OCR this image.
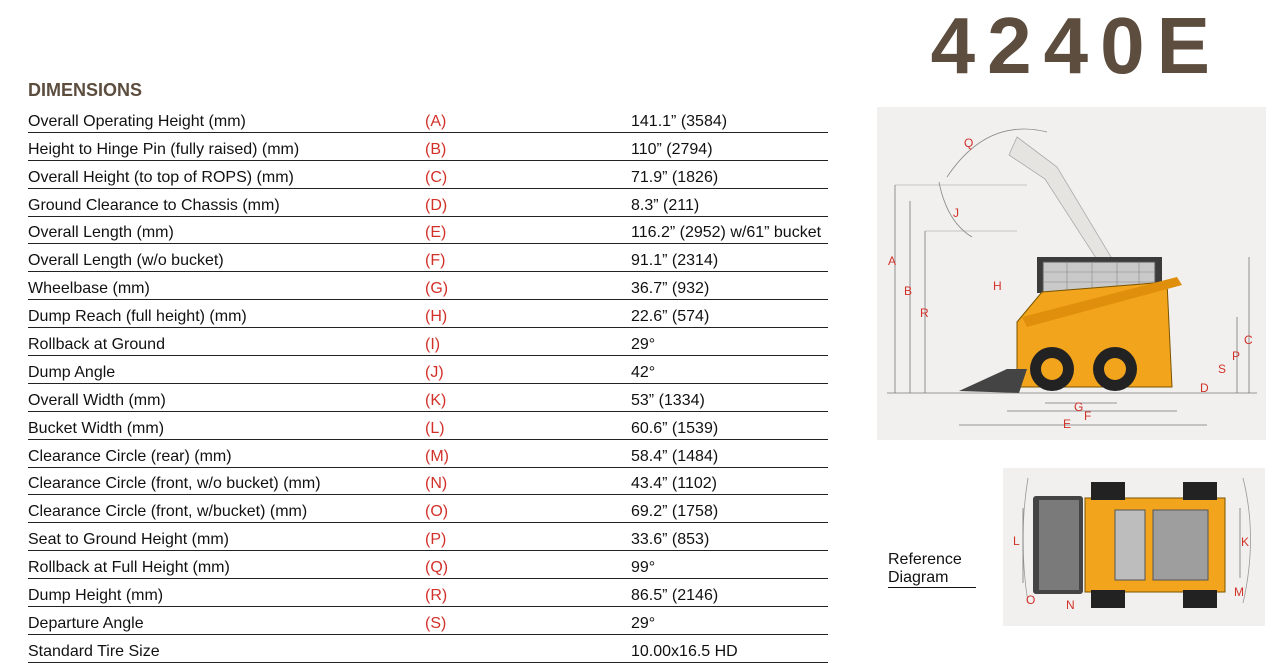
4240E
DIMENSIONS
Overall Operating Height (mm)	(A)	141.1” (3584)
Height to Hinge Pin (fully raised) (mm)	(B)	110” (2794)
Overall Height (to top of ROPS) (mm)	(C)	71.9” (1826)
Ground Clearance to Chassis (mm)	(D)	8.3” (211)
Overall Length (mm)	(E)	116.2” (2952) w/61” bucket
Overall Length (w/o bucket)	(F)	91.1” (2314)
Wheelbase (mm)	(G)	36.7” (932)
Dump Reach (full height) (mm)	(H)	22.6” (574)
Rollback at Ground	(I)	29°
Dump Angle	(J)	42°
Overall Width (mm)	(K)	53” (1334)
Bucket Width (mm)	(L)	60.6” (1539)
Clearance Circle (rear) (mm)	(M)	58.4” (1484)
Clearance Circle (front, w/o bucket) (mm)	(N)	43.4” (1102)
Clearance Circle (front, w/bucket) (mm)	(O)	69.2” (1758)
Seat to Ground Height (mm)	(P)	33.6” (853)
Rollback at Full Height (mm)	(Q)	99°
Dump Height (mm)	(R)	86.5” (2146)
Departure Angle	(S)	29°
Standard Tire Size		10.00x16.5 HD
Q
J
A
B	H
R
C
P
S
D
G
F
E
L	K
O	N
M
Reference
Diagram
